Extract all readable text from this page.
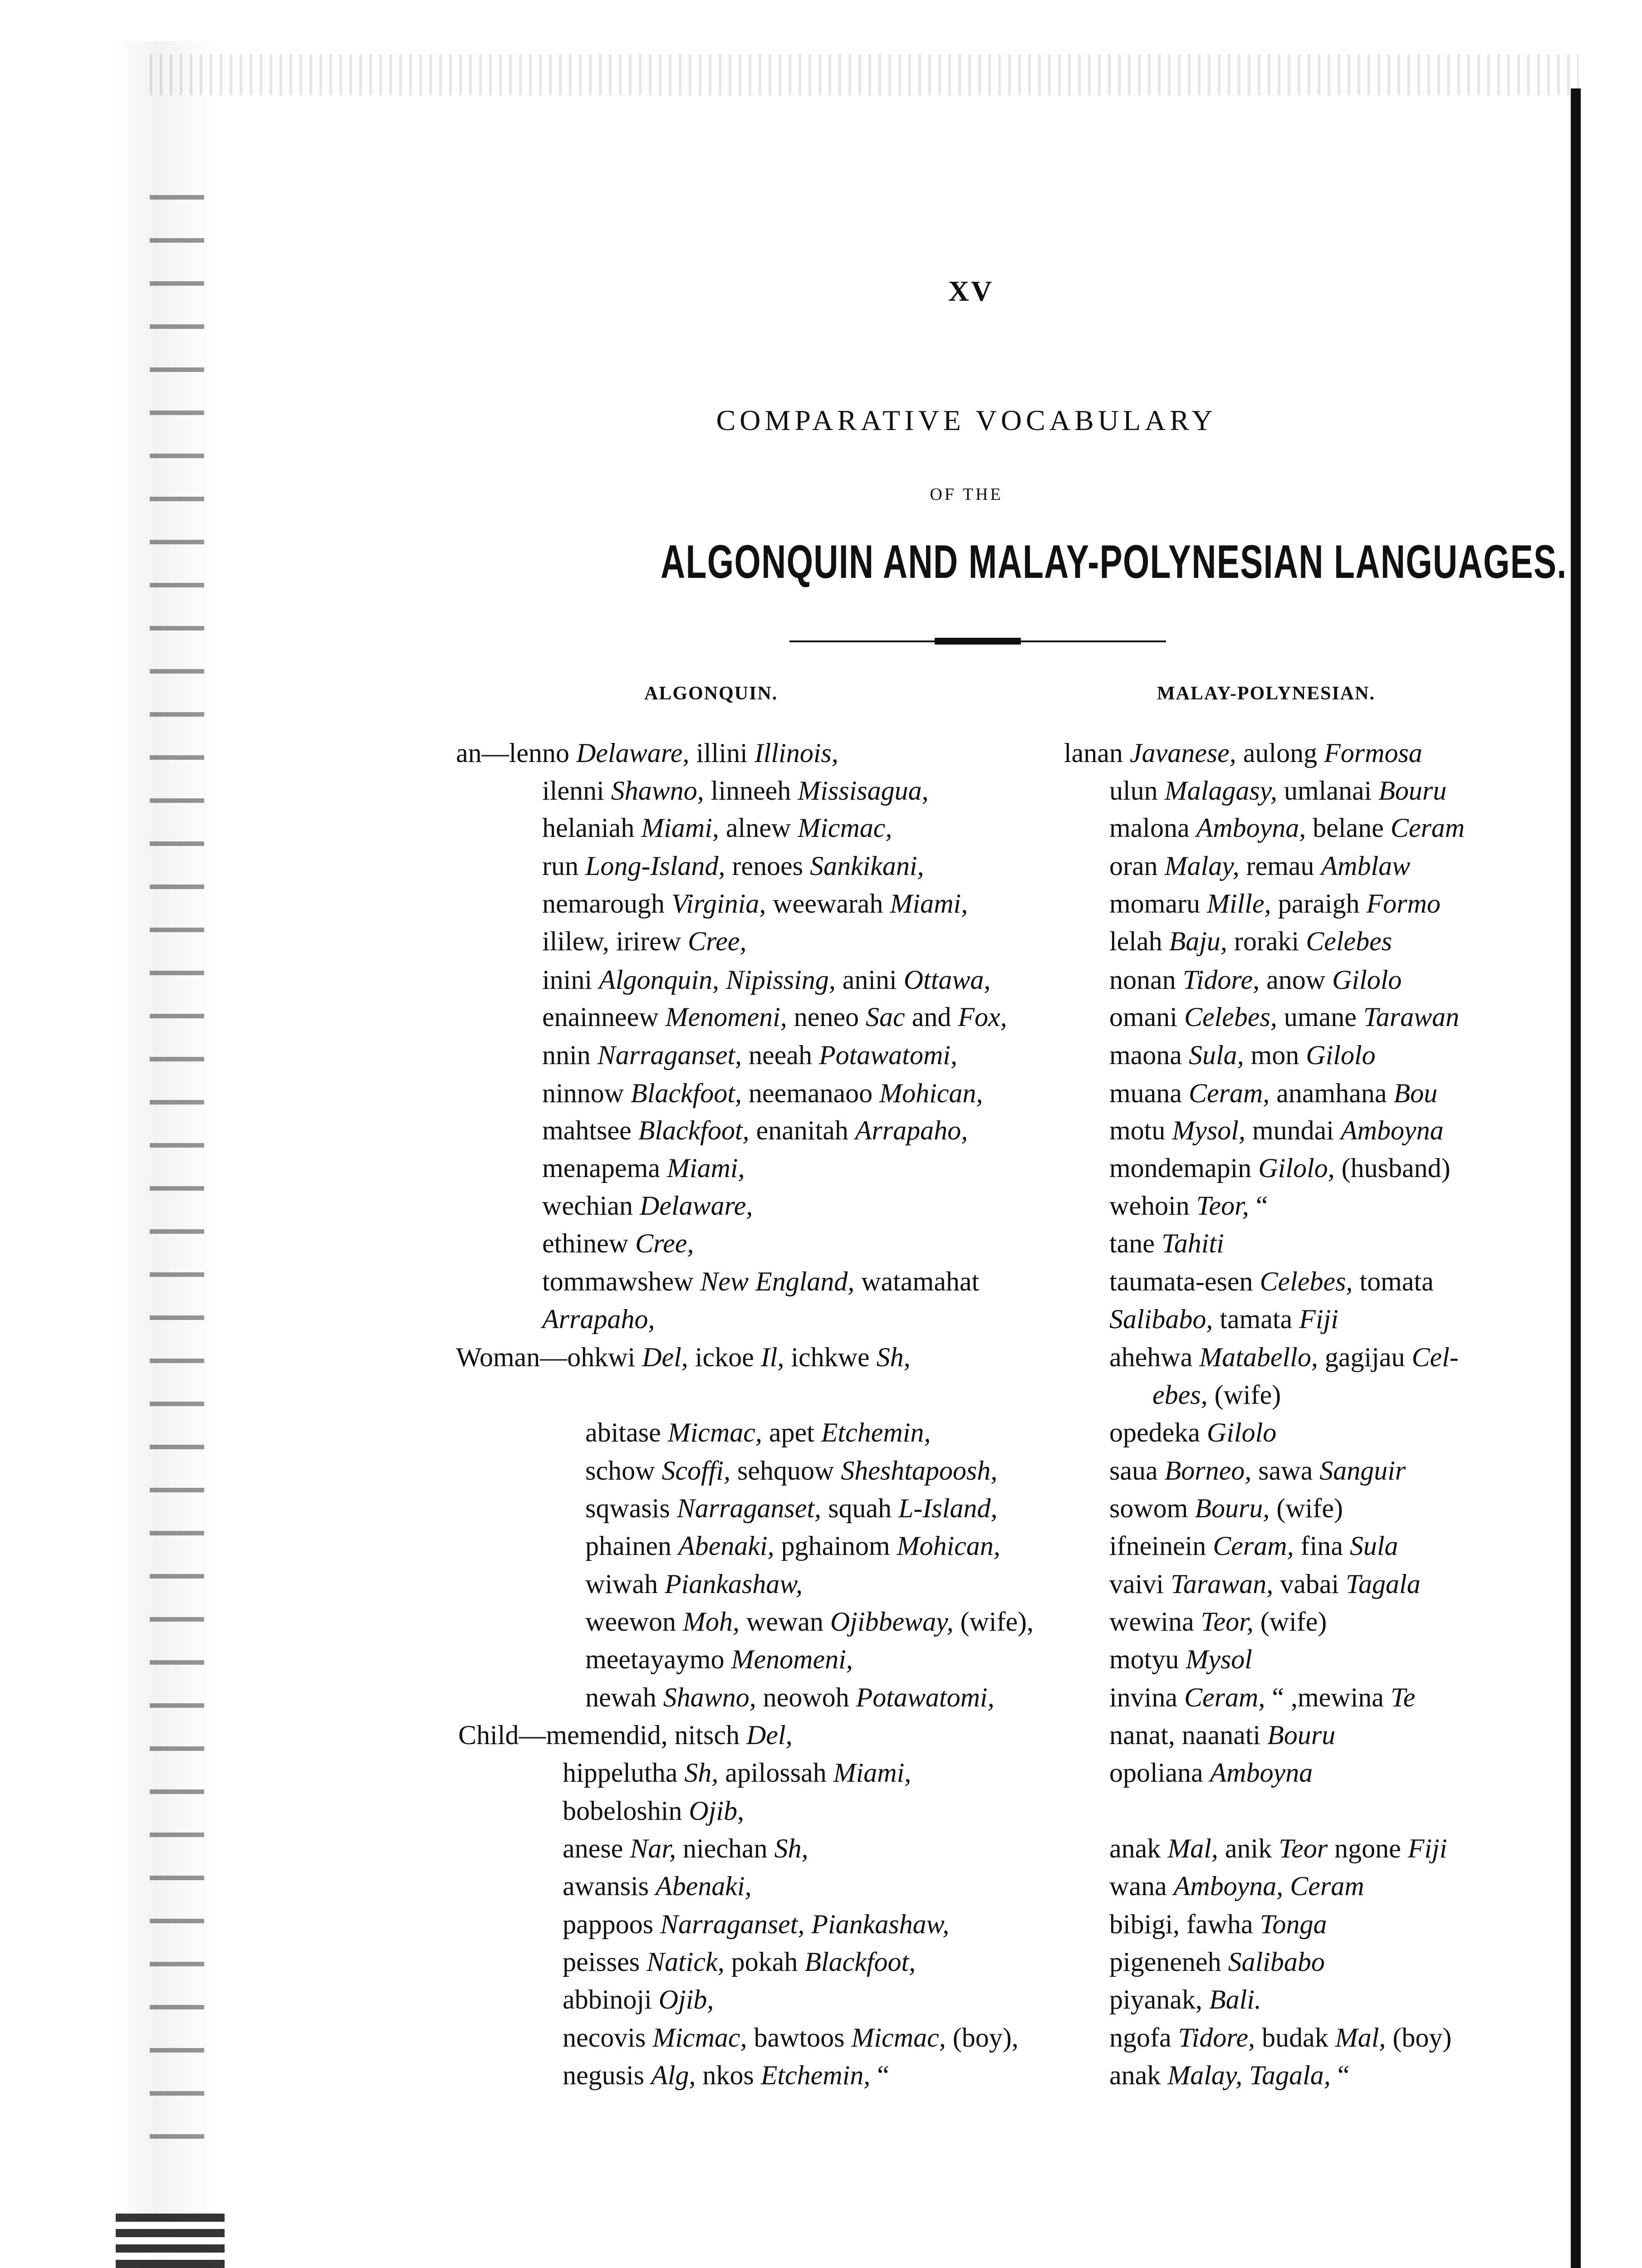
XV
COMPARATIVE VOCABULARY
OF THE
ALGONQUIN AND MALAY-POLYNESIAN LANGUAGES.
ALGONQUIN.	MALAY-POLYNESIAN.
an—lenno Delaware, illini Illinois,
ilenni Shawno, linneeh Missisagua,
helaniah Miami, alnew Micmac,
run Long-Island, renoes Sankikani,
nemarough Virginia, weewarah Miami,
ililew, irirew Cree,
inini Algonquin, Nipissing, anini Ottawa,
enainneew Menomeni, neneo Sac and Fox,
nnin Narraganset, neeah Potawatomi,
ninnow Blackfoot, neemanaoo Mohican,
mahtsee Blackfoot, enanitah Arrapaho,
menapema Miami,
wechian Delaware,
ethinew Cree,
tommawshew New England, watamahat
Arrapaho,
Woman—ohkwi Del, ickoe Il, ichkwe Sh,
abitase Micmac, apet Etchemin,
schow Scoffi, sehquow Sheshtapoosh,
sqwasis Narraganset, squah L-Island,
phainen Abenaki, pghainom Mohican,
wiwah Piankashaw,
weewon Moh, wewan Ojibbeway, (wife),
meetayaymo Menomeni,
newah Shawno, neowoh Potawatomi,
Child—memendid, nitsch Del,
hippelutha Sh, apilossah Miami,
bobeloshin Ojib,
anese Nar, niechan Sh,
awansis Abenaki,
pappoos Narraganset, Piankashaw,
peisses Natick, pokah Blackfoot,
abbinoji Ojib,
necovis Micmac, bawtoos Micmac, (boy),
negusis Alg, nkos Etchemin, “
lanan Javanese, aulong Formosa
ulun Malagasy, umlanai Bouru
malona Amboyna, belane Ceram
oran Malay, remau Amblaw
momaru Mille, paraigh Formo
lelah Baju, roraki Celebes
nonan Tidore, anow Gilolo
omani Celebes, umane Tarawan
maona Sula, mon Gilolo
muana Ceram, anamhana Bou
motu Mysol, mundai Amboyna
mondemapin Gilolo, (husband)
wehoin Teor, “
tane Tahiti
taumata-esen Celebes, tomata
Salibabo, tamata Fiji
ahehwa Matabello, gagijau Cel-
ebes, (wife)
opedeka Gilolo
saua Borneo, sawa Sanguir
sowom Bouru, (wife)
ifneinein Ceram, fina Sula
vaivi Tarawan, vabai Tagala
wewina Teor, (wife)
motyu Mysol
invina Ceram, “ ,mewina Te
nanat, naanati Bouru
opoliana Amboyna
anak Mal, anik Teor ngone Fiji
wana Amboyna, Ceram
bibigi, fawha Tonga
pigeneneh Salibabo
piyanak, Bali.
ngofa Tidore, budak Mal, (boy)
anak Malay, Tagala, “
